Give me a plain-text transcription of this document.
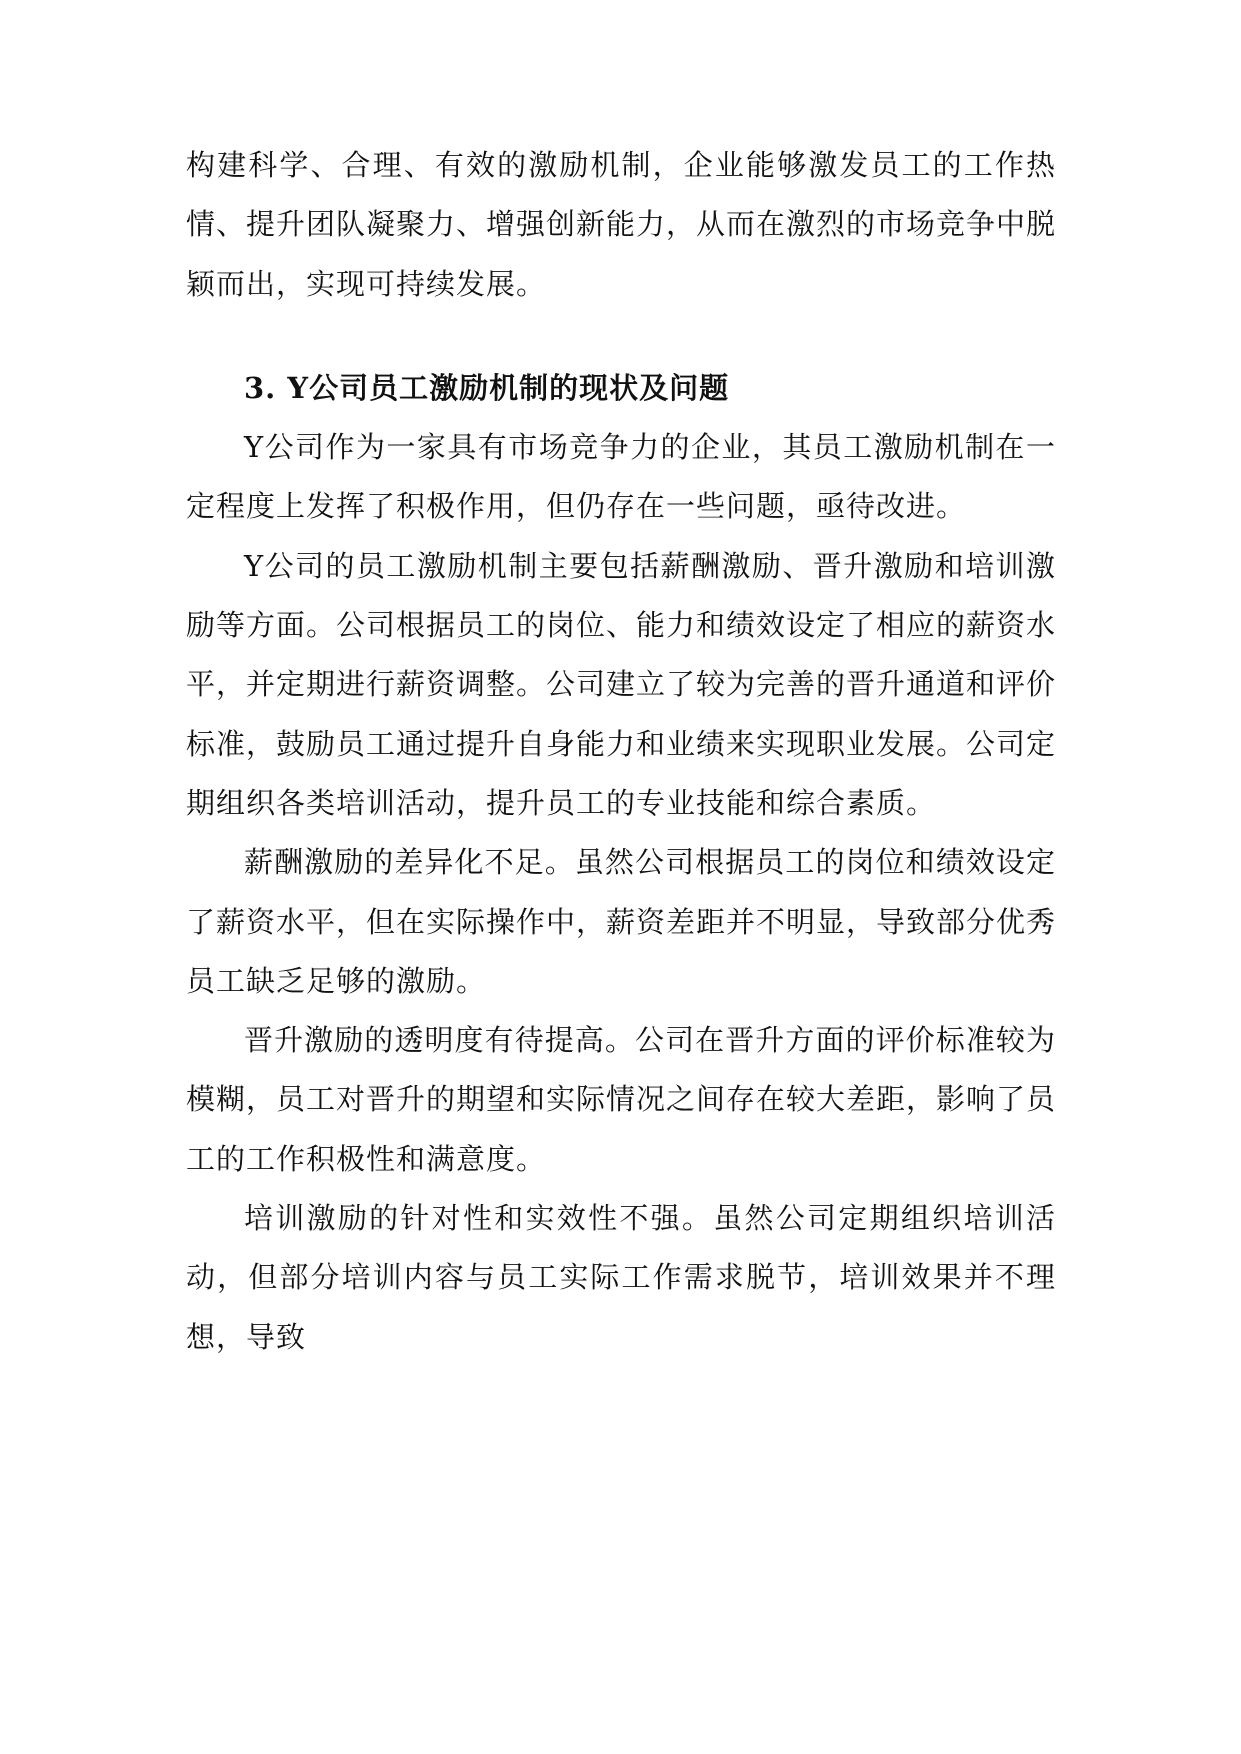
构建科学、合理、有效的激励机制，企业能够激发员工的工作热情、提升团队凝聚力、增强创新能力，从而在激烈的市场竞争中脱颖而出，实现可持续发展。

3. Y公司员工激励机制的现状及问题

Y公司作为一家具有市场竞争力的企业，其员工激励机制在一定程度上发挥了积极作用，但仍存在一些问题，亟待改进。

Y公司的员工激励机制主要包括薪酬激励、晋升激励和培训激励等方面。公司根据员工的岗位、能力和绩效设定了相应的薪资水平，并定期进行薪资调整。公司建立了较为完善的晋升通道和评价标准，鼓励员工通过提升自身能力和业绩来实现职业发展。公司定期组织各类培训活动，提升员工的专业技能和综合素质。

薪酬激励的差异化不足。虽然公司根据员工的岗位和绩效设定了薪资水平，但在实际操作中，薪资差距并不明显，导致部分优秀员工缺乏足够的激励。

晋升激励的透明度有待提高。公司在晋升方面的评价标准较为模糊，员工对晋升的期望和实际情况之间存在较大差距，影响了员工的工作积极性和满意度。

培训激励的针对性和实效性不强。虽然公司定期组织培训活动，但部分培训内容与员工实际工作需求脱节，培训效果并不理想，导致
